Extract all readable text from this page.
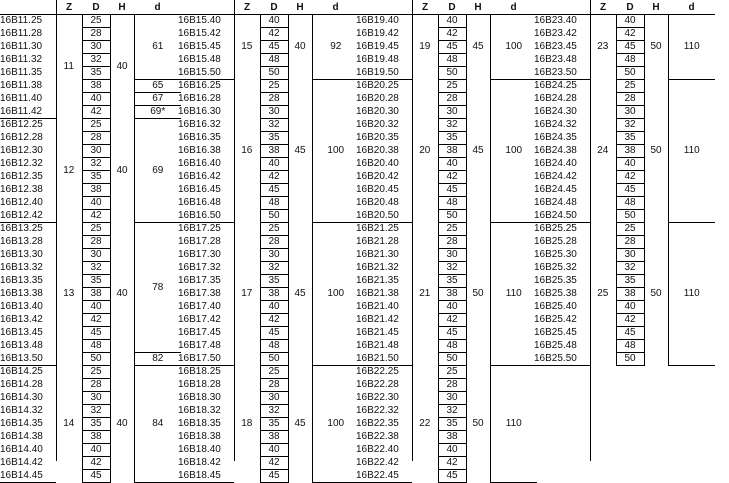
	Z	D	H	d
16B11.25	11	25	40	61
16B11.28		28		
16B11.30		30		
16B11.32		32		
16B11.35		35		
16B11.38		38		65
16B11.40		40		67
16B11.42		42		69*
16B12.25	12	25	40	69
16B12.28		28		
16B12.30		30		
16B12.32		32		
16B12.35		35		
16B12.38		38		
16B12.40		40		
16B12.42		42		
16B13.25	13	25	40	78
16B13.28		28		
16B13.30		30		
16B13.32		32		
16B13.35		35		
16B13.38		38		
16B13.40		40		
16B13.42		42		
16B13.45		45		
16B13.48		48		
16B13.50		50		82
16B14.25	14	25	40	84
16B14.28		28		
16B14.30		30		
16B14.32		32		
16B14.35		35		
16B14.38		38		
16B14.40		40		
16B14.42		42		
16B14.45		45		
	Z	D	H	d
16B15.40	15	40	40	92
16B15.42		42		
16B15.45		45		
16B15.48		48		
16B15.50		50		
16B16.25	16	25	45	100
16B16.28		28		
16B16.30		30		
16B16.32		32		
16B16.35		35		
16B16.38		38		
16B16.40		40		
16B16.42		42		
16B16.45		45		
16B16.48		48		
16B16.50		50		
16B17.25	17	25	45	100
16B17.28		28		
16B17.30		30		
16B17.32		32		
16B17.35		35		
16B17.38		38		
16B17.40		40		
16B17.42		42		
16B17.45		45		
16B17.48		48		
16B17.50		50		
16B18.25	18	25	45	100
16B18.28		28		
16B18.30		30		
16B18.32		32		
16B18.35		35		
16B18.38		38		
16B18.40		40		
16B18.42		42		
16B18.45		45		
	Z	D	H	d
16B19.40	19	40	45	100
16B19.42		42		
16B19.45		45		
16B19.48		48		
16B19.50		50		
16B20.25	20	25	45	100
16B20.28		28		
16B20.30		30		
16B20.32		32		
16B20.35		35		
16B20.38		38		
16B20.40		40		
16B20.42		42		
16B20.45		45		
16B20.48		48		
16B20.50		50		
16B21.25	21	25	50	110
16B21.28		28		
16B21.30		30		
16B21.32		32		
16B21.35		35		
16B21.38		38		
16B21.40		40		
16B21.42		42		
16B21.45		45		
16B21.48		48		
16B21.50		50		
16B22.25	22	25	50	110
16B22.28		28		
16B22.30		30		
16B22.32		32		
16B22.35		35		
16B22.38		38		
16B22.40		40		
16B22.42		42		
16B22.45		45		
	Z	D	H	d
16B23.40	23	40	50	110
16B23.42		42		
16B23.45		45		
16B23.48		48		
16B23.50		50		
16B24.25	24	25	50	110
16B24.28		28		
16B24.30		30		
16B24.32		32		
16B24.35		35		
16B24.38		38		
16B24.40		40		
16B24.42		42		
16B24.45		45		
16B24.48		48		
16B24.50		50		
16B25.25	25	25	50	110
16B25.28		28		
16B25.30		30		
16B25.32		32		
16B25.35		35		
16B25.38		38		
16B25.40		40		
16B25.42		42		
16B25.45		45		
16B25.48		48		
16B25.50		50		
